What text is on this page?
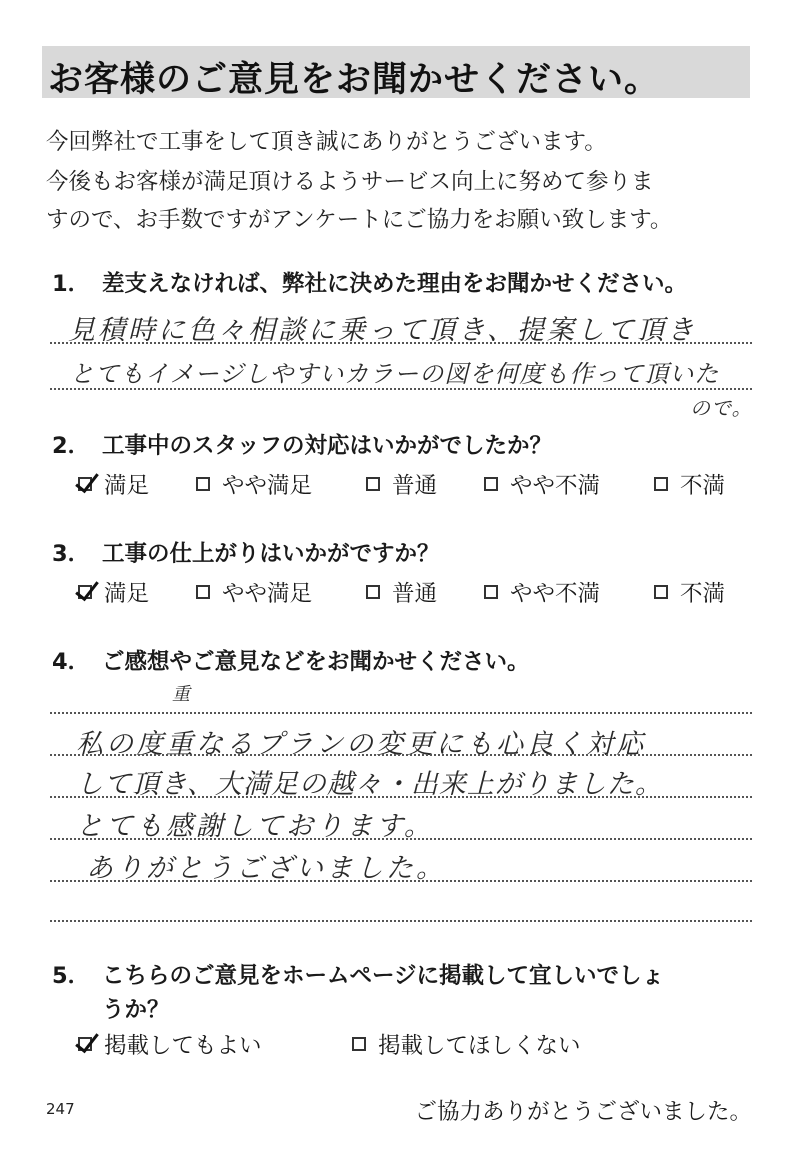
お客様のご意見をお聞かせください。
今回弊社で工事をして頂き誠にありがとうございます。
今後もお客様が満足頂けるようサービス向上に努めて参りま
すので、お手数ですがアンケートにご協力をお願い致します。
1． 差支えなければ、弊社に決めた理由をお聞かせください。
見積時に色々相談に乗って頂き、提案して頂き
とてもイメージしやすいカラーの図を何度も作って頂いた
ので。
2． 工事中のスタッフの対応はいかがでしたか？
満足	やや満足	普通	やや不満	不満
3． 工事の仕上がりはいかがですか？
満足	やや満足	普通	やや不満	不満
4． ご感想やご意見などをお聞かせください。
重
私の度重なるプランの変更にも心良く対応
して頂き、大満足の越々・出来上がりました。
とても感謝しております。
ありがとうございました。
5． こちらのご意見をホームページに掲載して宜しいでしょ
うか？
掲載してもよい	掲載してほしくない
247	ご協力ありがとうございました。
